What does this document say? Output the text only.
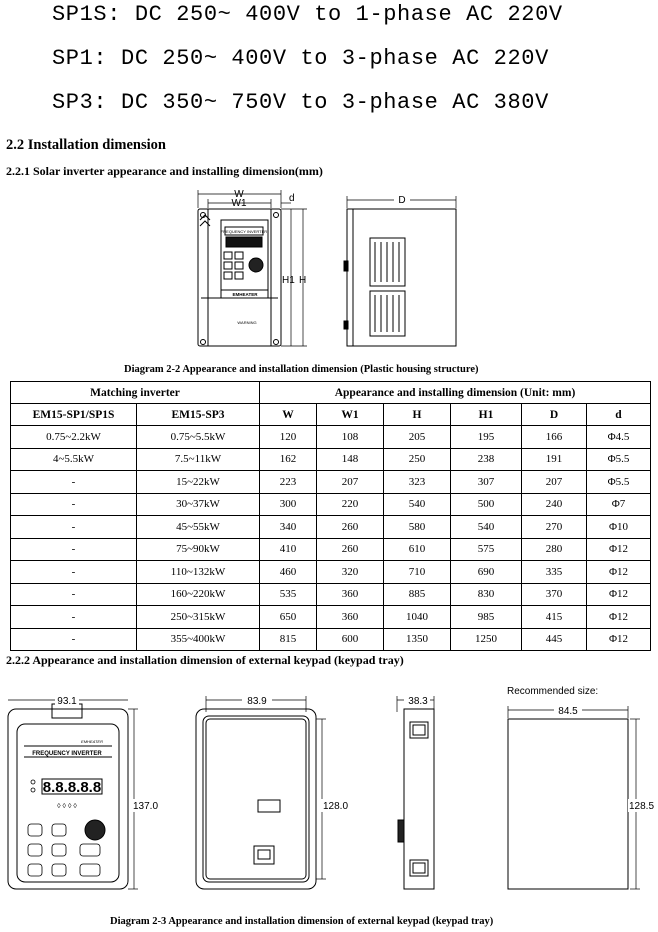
SP1S: DC 250~ 400V to 1-phase AC 220V
SP1: DC 250~ 400V to 3-phase AC 220V
SP3: DC 350~ 750V to 3-phase AC 380V
2.2 Installation dimension
2.2.1 Solar inverter appearance and installing dimension(mm)
FREQUENCY INVERTER
EMHEATER
WARNING
W
W1	d
H1 H
D
Diagram 2-2 Appearance and installation dimension (Plastic housing structure)
Matching inverter		Appearance and installing dimension (Unit: mm)					
EM15-SP1/SP1S	EM15-SP3	W	W1	H	H1	D	d
0.75~2.2kW	0.75~5.5kW	120	108	205	195	166	Φ4.5
4~5.5kW	7.5~11kW	162	148	250	238	191	Φ5.5
-	15~22kW	223	207	323	307	207	Φ5.5
-	30~37kW	300	220	540	500	240	Φ7
-	45~55kW	340	260	580	540	270	Φ10
-	75~90kW	410	260	610	575	280	Φ12
-	110~132kW	460	320	710	690	335	Φ12
-	160~220kW	535	360	885	830	370	Φ12
-	250~315kW	650	360	1040	985	415	Φ12
-	355~400kW	815	600	1350	1250	445	Φ12
2.2.2 Appearance and installation dimension of external keypad (keypad tray)
EMHEATER
FREQUENCY INVERTER
8.8.8.8.8
◊ ◊ ◊ ◊
93.1
137.0
83.9
128.0
38.3
Recommended size:
84.5
128.5
Diagram 2-3 Appearance and installation dimension of external keypad (keypad tray)
